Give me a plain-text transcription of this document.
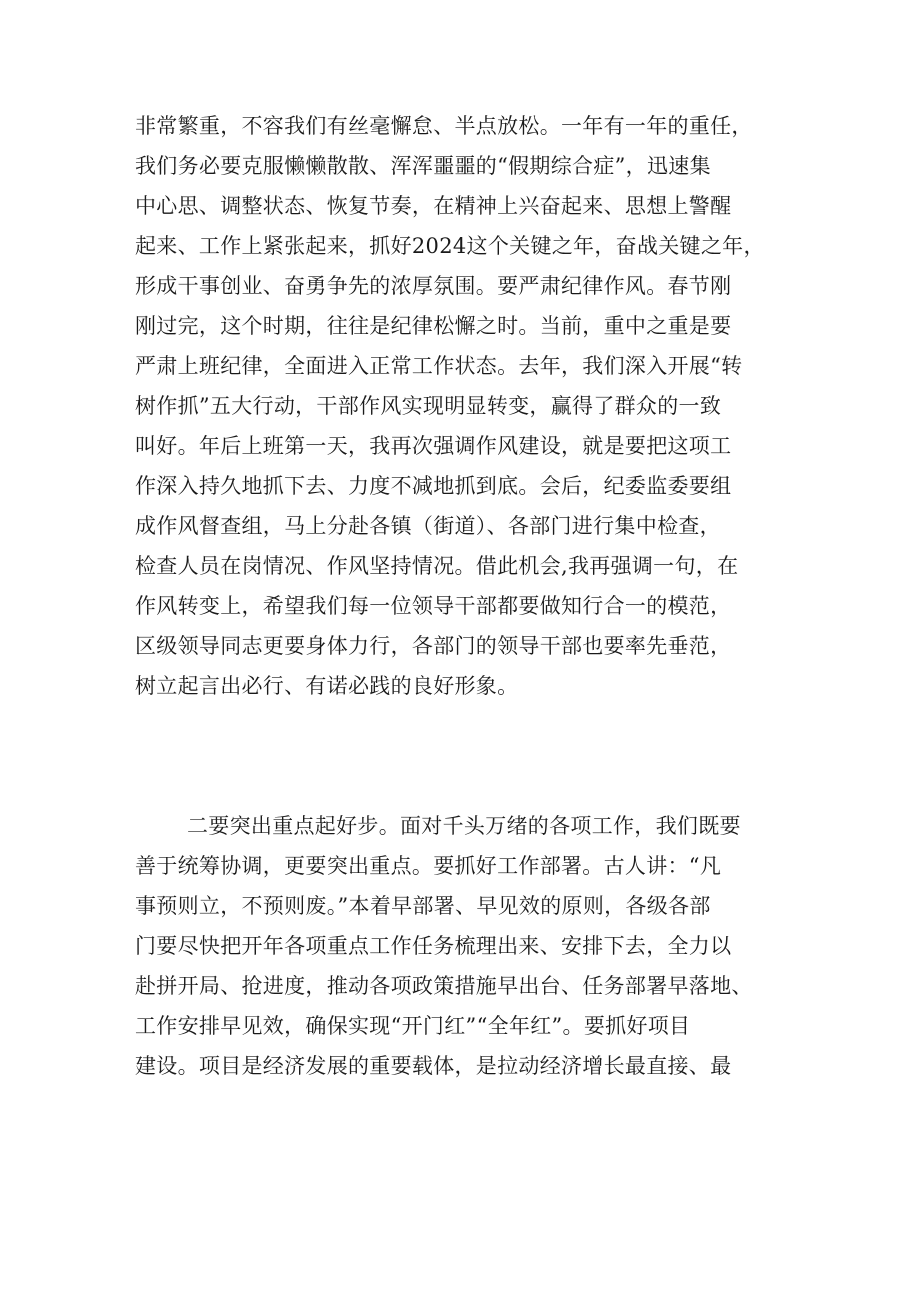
非常繁重，不容我们有丝毫懈怠、半点放松。一年有一年的重任，
我们务必要克服懒懒散散、浑浑噩噩的“假期综合症”，迅速集
中心思、调整状态、恢复节奏，在精神上兴奋起来、思想上警醒
起来、工作上紧张起来，抓好2024这个关键之年，奋战关键之年，
形成干事创业、奋勇争先的浓厚氛围。要严肃纪律作风。春节刚
刚过完，这个时期，往往是纪律松懈之时。当前，重中之重是要
严肃上班纪律，全面进入正常工作状态。去年，我们深入开展“转
树作抓”五大行动，干部作风实现明显转变，赢得了群众的一致
叫好。年后上班第一天，我再次强调作风建设，就是要把这项工
作深入持久地抓下去、力度不减地抓到底。会后，纪委监委要组
成作风督查组，马上分赴各镇（街道）、各部门进行集中检查，
检查人员在岗情况、作风坚持情况。借此机会,我再强调一句，在
作风转变上，希望我们每一位领导干部都要做知行合一的模范，
区级领导同志更要身体力行，各部门的领导干部也要率先垂范，
树立起言出必行、有诺必践的良好形象。
二要突出重点起好步。面对千头万绪的各项工作，我们既要
善于统筹协调，更要突出重点。要抓好工作部署。古人讲：“凡
事预则立，不预则废。”本着早部署、早见效的原则，各级各部
门要尽快把开年各项重点工作任务梳理出来、安排下去，全力以
赴拼开局、抢进度，推动各项政策措施早出台、任务部署早落地、
工作安排早见效，确保实现“开门红”“全年红”。要抓好项目
建设。项目是经济发展的重要载体，是拉动经济增长最直接、最
